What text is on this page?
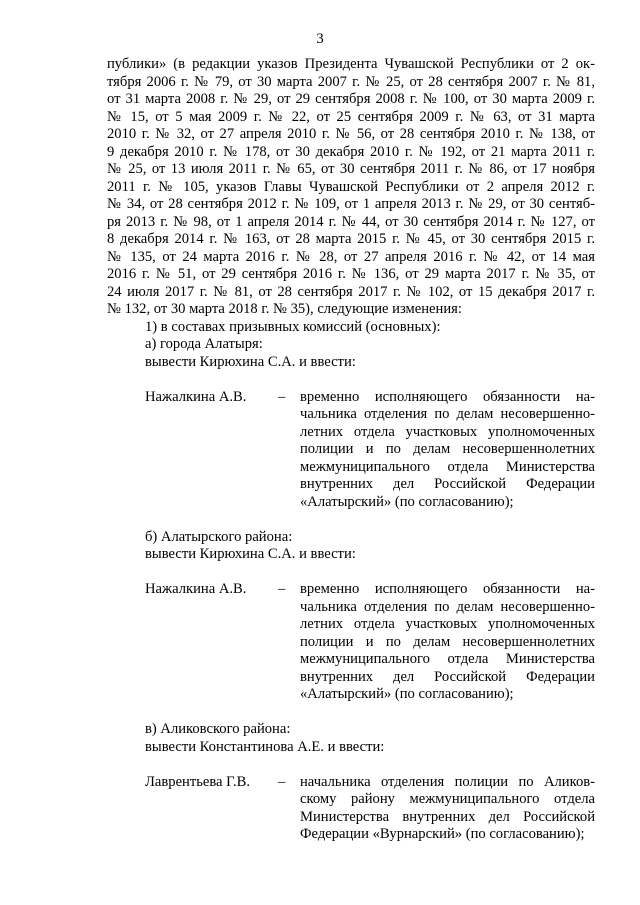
3
публики» (в редакции указов Президента Чувашской Республики от 2 ок-
тября 2006 г. № 79, от 30 марта 2007 г. № 25, от 28 сентября 2007 г. № 81,
от 31 марта 2008 г. № 29, от 29 сентября 2008 г. № 100, от 30 марта 2009 г.
№ 15, от 5 мая 2009 г. № 22, от 25 сентября 2009 г. № 63, от 31 марта
2010 г. № 32, от 27 апреля 2010 г. № 56, от 28 сентября 2010 г. № 138, от
9 декабря 2010 г. № 178, от 30 декабря 2010 г. № 192, от 21 марта 2011 г.
№ 25, от 13 июля 2011 г. № 65, от 30 сентября 2011 г. № 86, от 17 ноября
2011 г. № 105, указов Главы Чувашской Республики от 2 апреля 2012 г.
№ 34, от 28 сентября 2012 г. № 109, от 1 апреля 2013 г. № 29, от 30 сентяб-
ря 2013 г. № 98, от 1 апреля 2014 г. № 44, от 30 сентября 2014 г. № 127, от
8 декабря 2014 г. № 163, от 28 марта 2015 г. № 45, от 30 сентября 2015 г.
№ 135, от 24 марта 2016 г. № 28, от 27 апреля 2016 г. № 42, от 14 мая
2016 г. № 51, от 29 сентября 2016 г. № 136, от 29 марта 2017 г. № 35, от
24 июля 2017 г. № 81, от 28 сентября 2017 г. № 102, от 15 декабря 2017 г.
№ 132, от 30 марта 2018 г. № 35), следующие изменения:
1) в составах призывных комиссий (основных):
а) города Алатыря:
вывести Кирюхина С.А. и ввести:
Нажалкина А.В. – временно исполняющего обязанности на-
чальника отделения по делам несовершенно-
летних отдела участковых уполномоченных
полиции и по делам несовершеннолетних
межмуниципального отдела Министерства
внутренних дел Российской Федерации
«Алатырский» (по согласованию);
б) Алатырского района:
вывести Кирюхина С.А. и ввести:
Нажалкина А.В. – временно исполняющего обязанности на-
чальника отделения по делам несовершенно-
летних отдела участковых уполномоченных
полиции и по делам несовершеннолетних
межмуниципального отдела Министерства
внутренних дел Российской Федерации
«Алатырский» (по согласованию);
в) Аликовского района:
вывести Константинова А.Е. и ввести:
Лаврентьева Г.В. – начальника отделения полиции по Аликов-
скому району межмуниципального отдела
Министерства внутренних дел Российской
Федерации «Вурнарский» (по согласованию);
